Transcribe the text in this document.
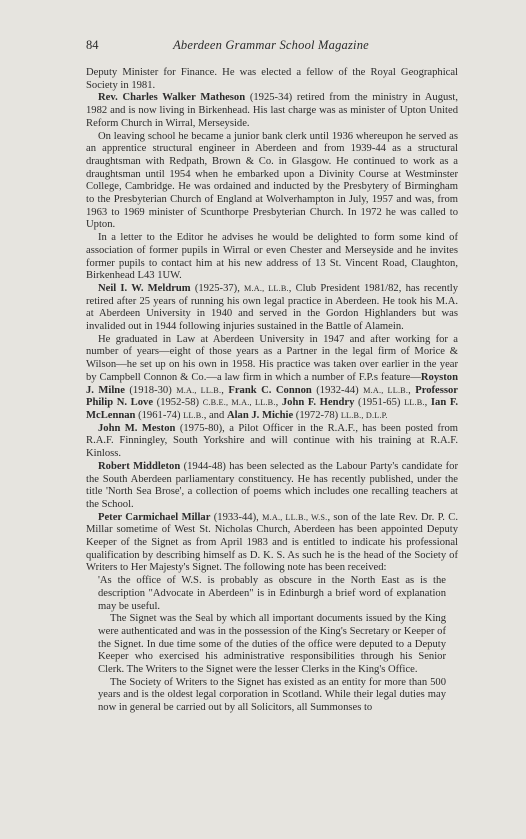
84	Aberdeen Grammar School Magazine

Deputy Minister for Finance. He was elected a fellow of the Royal Geographical Society in 1981.

Rev. Charles Walker Matheson (1925-34) retired from the ministry in August, 1982 and is now living in Birkenhead. His last charge was as minister of Upton United Reform Church in Wirral, Merseyside.

On leaving school he became a junior bank clerk until 1936 whereupon he served as an apprentice structural engineer in Aberdeen and from 1939-44 as a structural draughtsman with Redpath, Brown & Co. in Glasgow. He continued to work as a draughtsman until 1954 when he embarked upon a Divinity Course at Westminster College, Cambridge. He was ordained and inducted by the Presbytery of Birmingham to the Presbyterian Church of England at Wolverhampton in July, 1957 and was, from 1963 to 1969 minister of Scunthorpe Presbyterian Church. In 1972 he was called to Upton.

In a letter to the Editor he advises he would be delighted to form some kind of association of former pupils in Wirral or even Chester and Merseyside and he invites former pupils to contact him at his new address of 13 St. Vincent Road, Claughton, Birkenhead L43 1UW.

Neil I. W. Meldrum (1925-37), M.A., LL.B., Club President 1981/82, has recently retired after 25 years of running his own legal practice in Aberdeen. He took his M.A. at Aberdeen University in 1940 and served in the Gordon Highlanders but was invalided out in 1944 following injuries sustained in the Battle of Alamein.

He graduated in Law at Aberdeen University in 1947 and after working for a number of years—eight of those years as a Partner in the legal firm of Morice & Wilson—he set up on his own in 1958. His practice was taken over earlier in the year by Campbell Connon & Co.—a law firm in which a number of F.P.s feature—Royston J. Milne (1918-30) M.A., LL.B., Frank C. Connon (1932-44) M.A., LL.B., Professor Philip N. Love (1952-58) C.B.E., M.A., LL.B., John F. Hendry (1951-65) LL.B., Ian F. McLennan (1961-74) LL.B., and Alan J. Michie (1972-78) LL.B., D.L.P.

John M. Meston (1975-80), a Pilot Officer in the R.A.F., has been posted from R.A.F. Finningley, South Yorkshire and will continue with his training at R.A.F. Kinloss.

Robert Middleton (1944-48) has been selected as the Labour Party's candidate for the South Aberdeen parliamentary constituency. He has recently published, under the title 'North Sea Brose', a collection of poems which includes one recalling teachers at the School.

Peter Carmichael Millar (1933-44), M.A., LL.B., W.S., son of the late Rev. Dr. P. C. Millar sometime of West St. Nicholas Church, Aberdeen has been appointed Deputy Keeper of the Signet as from April 1983 and is entitled to indicate his professional qualification by describing himself as D. K. S. As such he is the head of the Society of Writers to Her Majesty's Signet. The following note has been received:

'As the office of W.S. is probably as obscure in the North East as is the description "Advocate in Aberdeen" is in Edinburgh a brief word of explanation may be useful.

The Signet was the Seal by which all important documents issued by the King were authenticated and was in the possession of the King's Secretary or Keeper of the Signet. In due time some of the duties of the office were deputed to a Deputy Keeper who exercised his administrative responsibilities through his Senior Clerk. The Writers to the Signet were the lesser Clerks in the King's Office.

The Society of Writers to the Signet has existed as an entity for more than 500 years and is the oldest legal corporation in Scotland. While their legal duties may now in general be carried out by all Solicitors, all Summonses to
